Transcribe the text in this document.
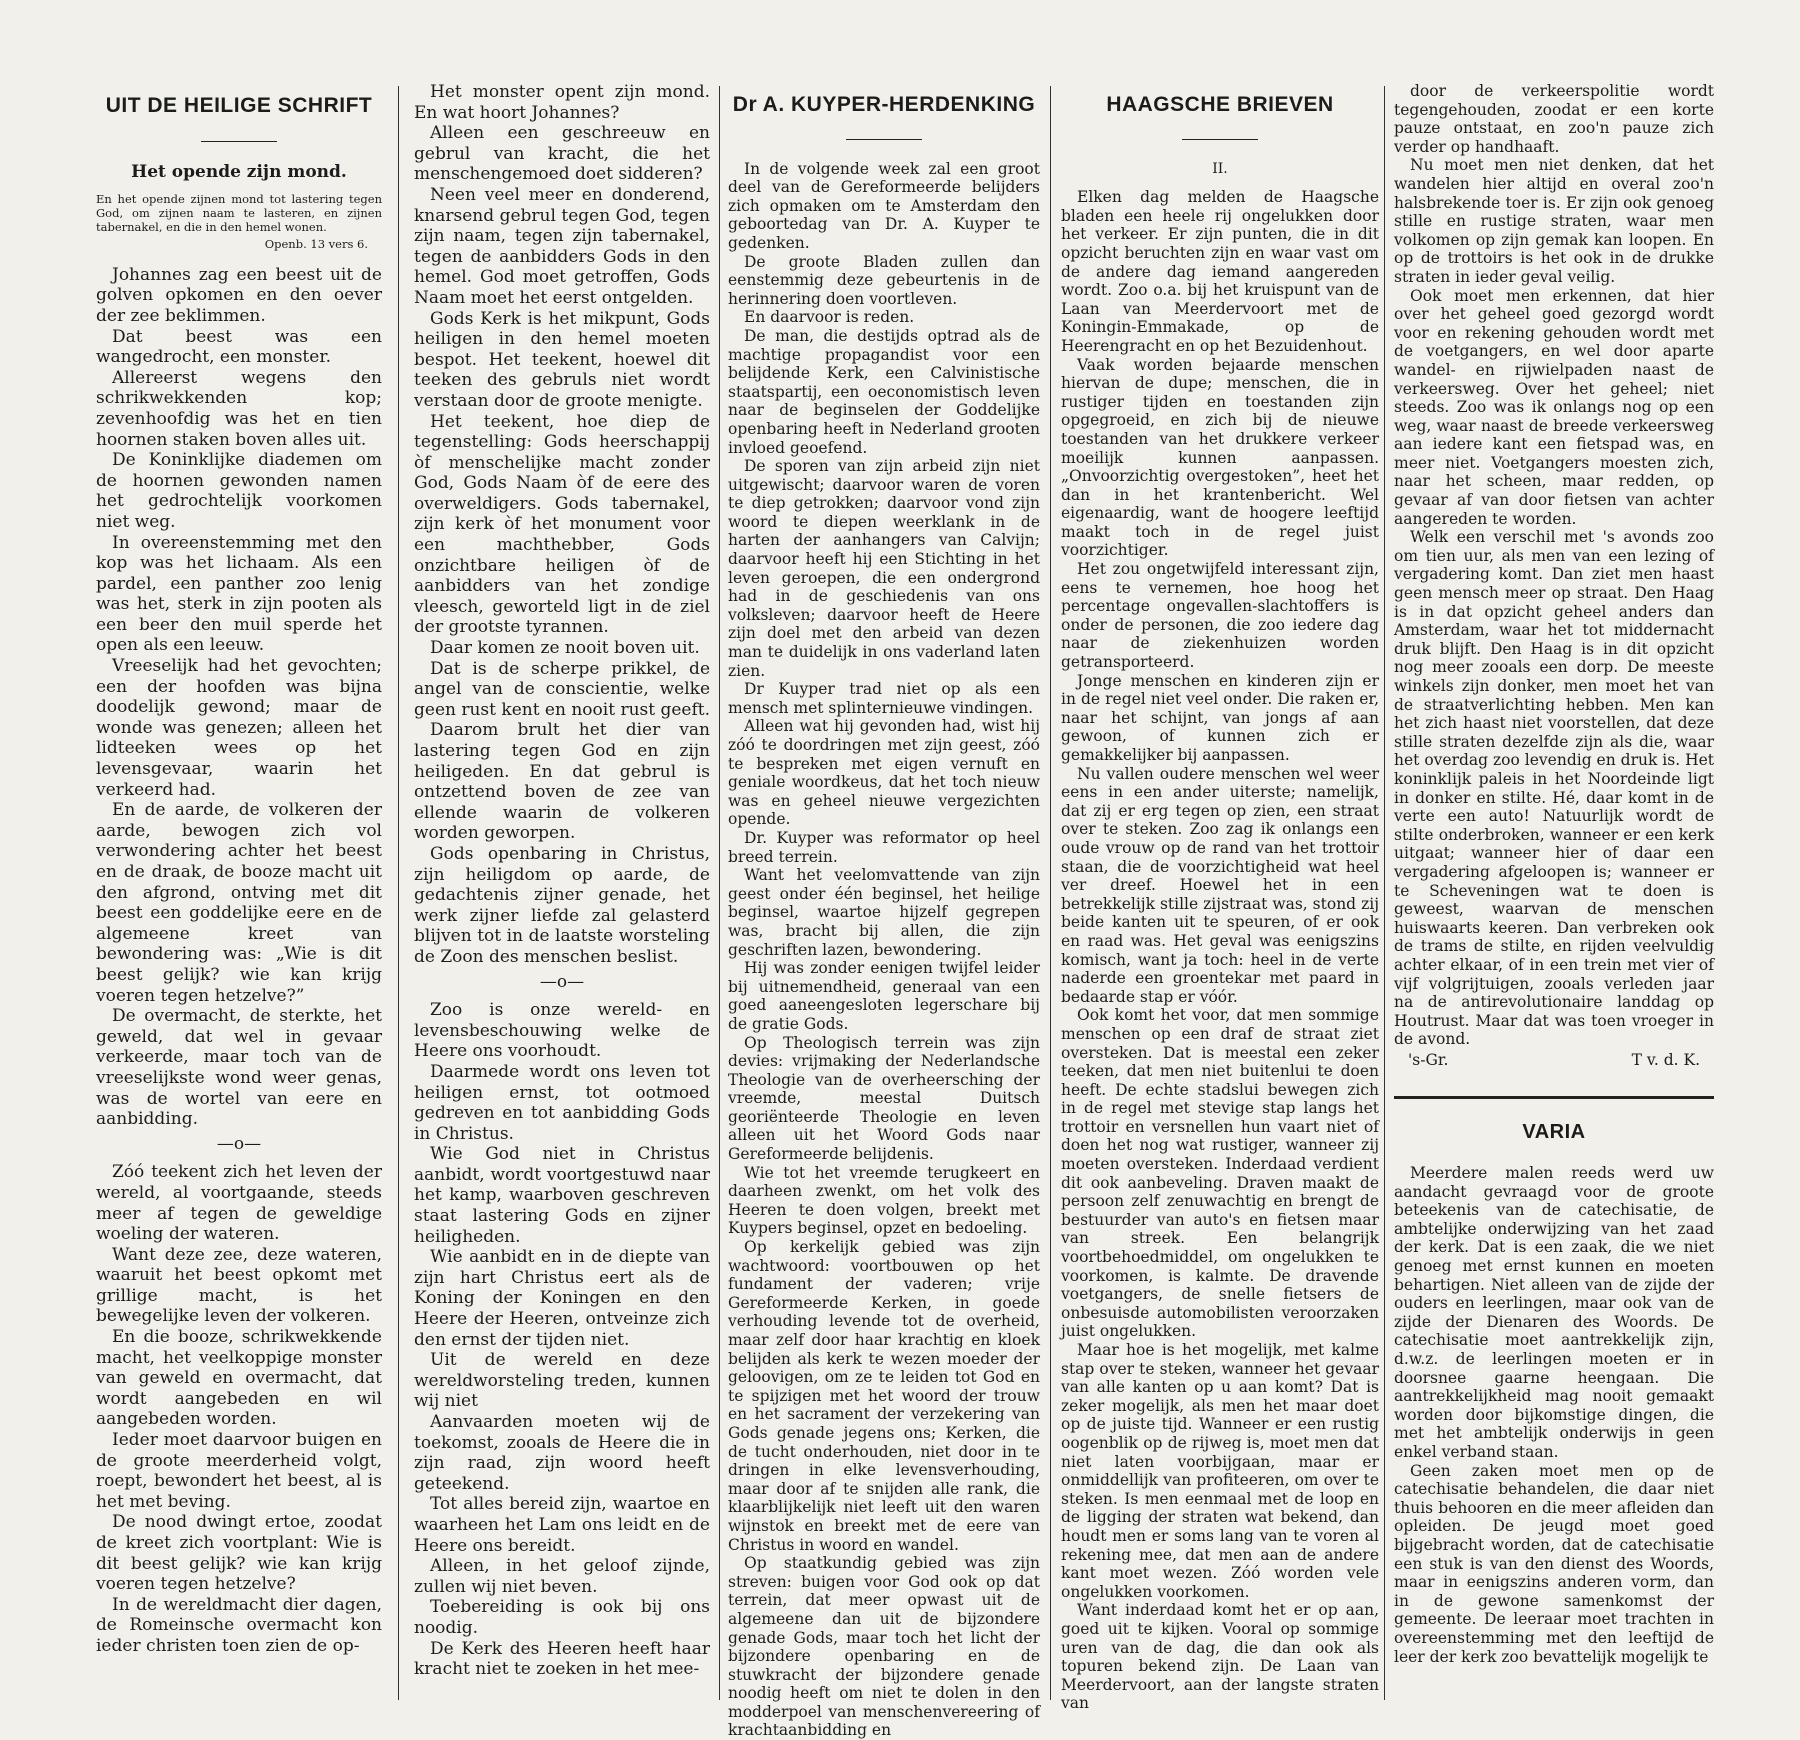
UIT DE HEILIGE SCHRIFT
Het opende zijn mond.

En het opende zijnen mond tot lastering tegen God, om zijnen naam te lasteren, en zijnen tabernakel, en die in den hemel wonen.

Openb. 13 vers 6.

Johannes zag een beest uit de golven opkomen en den oever der zee beklimmen.

Dat beest was een wangedrocht, een monster.

Allereerst wegens den schrikwekkenden kop; zevenhoofdig was het en tien hoornen staken boven alles uit.

De Koninklijke diademen om de hoornen gewonden namen het gedrochtelijk voorkomen niet weg.

In overeenstemming met den kop was het lichaam. Als een pardel, een panther zoo lenig was het, sterk in zijn pooten als een beer den muil sperde het open als een leeuw.

Vreeselijk had het gevochten; een der hoofden was bijna doodelijk gewond; maar de wonde was genezen; alleen het lidteeken wees op het levensgevaar, waarin het verkeerd had.

En de aarde, de volkeren der aarde, bewogen zich vol verwondering achter het beest en de draak, de booze macht uit den afgrond, ontving met dit beest een goddelijke eere en de algemeene kreet van bewondering was: „Wie is dit beest gelijk? wie kan krijg voeren tegen hetzelve?”

De overmacht, de sterkte, het geweld, dat wel in gevaar verkeerde, maar toch van de vreeselijkste wond weer genas, was de wortel van eere en aanbidding.

—o—

Zóó teekent zich het leven der wereld, al voortgaande, steeds meer af tegen de geweldige woeling der wateren.

Want deze zee, deze wateren, waaruit het beest opkomt met grillige macht, is het bewegelijke leven der volkeren.

En die booze, schrikwekkende macht, het veelkoppige monster van geweld en overmacht, dat wordt aangebeden en wil aangebeden worden.

Ieder moet daarvoor buigen en de groote meerderheid volgt, roept, bewondert het beest, al is het met beving.

De nood dwingt ertoe, zoodat de kreet zich voortplant: Wie is dit beest gelijk? wie kan krijg voeren tegen hetzelve?

In de wereldmacht dier dagen, de Romeinsche overmacht kon ieder christen toen zien de op-

Het monster opent zijn mond. En wat hoort Johannes?

Alleen een geschreeuw en gebrul van kracht, die het menschengemoed doet sidderen?

Neen veel meer en donderend, knarsend gebrul tegen God, tegen zijn naam, tegen zijn tabernakel, tegen de aanbidders Gods in den hemel. God moet getroffen, Gods Naam moet het eerst ontgelden.

Gods Kerk is het mikpunt, Gods heiligen in den hemel moeten bespot. Het teekent, hoewel dit teeken des gebruls niet wordt verstaan door de groote menigte.

Het teekent, hoe diep de tegenstelling: Gods heerschappij òf menschelijke macht zonder God, Gods Naam òf de eere des overweldigers. Gods tabernakel, zijn kerk òf het monument voor een machthebber, Gods onzichtbare heiligen òf de aanbidders van het zondige vleesch, geworteld ligt in de ziel der grootste tyrannen.

Daar komen ze nooit boven uit.

Dat is de scherpe prikkel, de angel van de conscientie, welke geen rust kent en nooit rust geeft.

Daarom brult het dier van lastering tegen God en zijn heiligeden. En dat gebrul is ontzettend boven de zee van ellende waarin de volkeren worden geworpen.

Gods openbaring in Christus, zijn heiligdom op aarde, de gedachtenis zijner genade, het werk zijner liefde zal gelasterd blijven tot in de laatste worsteling de Zoon des menschen beslist.

—o—

Zoo is onze wereld- en levensbeschouwing welke de Heere ons voorhoudt.

Daarmede wordt ons leven tot heiligen ernst, tot ootmoed gedreven en tot aanbidding Gods in Christus.

Wie God niet in Christus aanbidt, wordt voortgestuwd naar het kamp, waarboven geschreven staat lastering Gods en zijner heiligheden.

Wie aanbidt en in de diepte van zijn hart Christus eert als de Koning der Koningen en den Heere der Heeren, ontveinze zich den ernst der tijden niet.

Uit de wereld en deze wereldworsteling treden, kunnen wij niet

Aanvaarden moeten wij de toekomst, zooals de Heere die in zijn raad, zijn woord heeft geteekend.

Tot alles bereid zijn, waartoe en waarheen het Lam ons leidt en de Heere ons bereidt.

Alleen, in het geloof zijnde, zullen wij niet beven.

Toebereiding is ook bij ons noodig.

De Kerk des Heeren heeft haar kracht niet te zoeken in het mee-

Dr A. KUYPER-HERDENKING

In de volgende week zal een groot deel van de Gereformeerde belijders zich opmaken om te Amsterdam den geboortedag van Dr. A. Kuyper te gedenken.

De groote Bladen zullen dan eenstemmig deze gebeurtenis in de herinnering doen voortleven.

En daarvoor is reden.

De man, die destijds optrad als de machtige propagandist voor een belijdende Kerk, een Calvinistische staatspartij, een oeconomistisch leven naar de beginselen der Goddelijke openbaring heeft in Nederland grooten invloed geoefend.

De sporen van zijn arbeid zijn niet uitgewischt; daarvoor waren de voren te diep getrokken; daarvoor vond zijn woord te diepen weerklank in de harten der aanhangers van Calvijn; daarvoor heeft hij een Stichting in het leven geroepen, die een ondergrond had in de geschiedenis van ons volksleven; daarvoor heeft de Heere zijn doel met den arbeid van dezen man te duidelijk in ons vaderland laten zien.

Dr Kuyper trad niet op als een mensch met splinternieuwe vindingen.

Alleen wat hij gevonden had, wist hij zóó te doordringen met zijn geest, zóó te bespreken met eigen vernuft en geniale woordkeus, dat het toch nieuw was en geheel nieuwe vergezichten opende.

Dr. Kuyper was reformator op heel breed terrein.

Want het veelomvattende van zijn geest onder één beginsel, het heilige beginsel, waartoe hijzelf gegrepen was, bracht bij allen, die zijn geschriften lazen, bewondering.

Hij was zonder eenigen twijfel leider bij uitnemendheid, generaal van een goed aaneengesloten legerschare bij de gratie Gods.

Op Theologisch terrein was zijn devies: vrijmaking der Nederlandsche Theologie van de overheersching der vreemde, meestal Duitsch georiënteerde Theologie en leven alleen uit het Woord Gods naar Gereformeerde belijdenis.

Wie tot het vreemde terugkeert en daarheen zwenkt, om het volk des Heeren te doen volgen, breekt met Kuypers beginsel, opzet en bedoeling.

Op kerkelijk gebied was zijn wachtwoord: voortbouwen op het fundament der vaderen; vrije Gereformeerde Kerken, in goede verhouding levende tot de overheid, maar zelf door haar krachtig en kloek belijden als kerk te wezen moeder der geloovigen, om ze te leiden tot God en te spijzigen met het woord der trouw en het sacrament der verzekering van Gods genade jegens ons; Kerken, die de tucht onderhouden, niet door in te dringen in elke levensverhouding, maar door af te snijden alle rank, die klaarblijkelijk niet leeft uit den waren wijnstok en breekt met de eere van Christus in woord en wandel.

Op staatkundig gebied was zijn streven: buigen voor God ook op dat terrein, dat meer opwast uit de algemeene dan uit de bijzondere genade Gods, maar toch het licht der bijzondere openbaring en de stuwkracht der bijzondere genade noodig heeft om niet te dolen in den modderpoel van menschenvereering of krachtaanbidding en

HAAGSCHE BRIEVEN
II.

Elken dag melden de Haagsche bladen een heele rij ongelukken door het verkeer. Er zijn punten, die in dit opzicht beruchten zijn en waar vast om de andere dag iemand aangereden wordt. Zoo o.a. bij het kruispunt van de Laan van Meerdervoort met de Koningin-Emmakade, op de Heerengracht en op het Bezuidenhout.

Vaak worden bejaarde menschen hiervan de dupe; menschen, die in rustiger tijden en toestanden zijn opgegroeid, en zich bij de nieuwe toestanden van het drukkere verkeer moeilijk kunnen aanpassen. „Onvoorzichtig overgestoken”, heet het dan in het krantenbericht. Wel eigenaardig, want de hoogere leeftijd maakt toch in de regel juist voorzichtiger.

Het zou ongetwijfeld interessant zijn, eens te vernemen, hoe hoog het percentage ongevallen-slachtoffers is onder de personen, die zoo iedere dag naar de ziekenhuizen worden getransporteerd.

Jonge menschen en kinderen zijn er in de regel niet veel onder. Die raken er, naar het schijnt, van jongs af aan gewoon, of kunnen zich er gemakkelijker bij aanpassen.

Nu vallen oudere menschen wel weer eens in een ander uiterste; namelijk, dat zij er erg tegen op zien, een straat over te steken. Zoo zag ik onlangs een oude vrouw op de rand van het trottoir staan, die de voorzichtigheid wat heel ver dreef. Hoewel het in een betrekkelijk stille zijstraat was, stond zij beide kanten uit te speuren, of er ook en raad was. Het geval was eenigszins komisch, want ja toch: heel in de verte naderde een groentekar met paard in bedaarde stap er vóór.

Ook komt het voor, dat men sommige menschen op een draf de straat ziet oversteken. Dat is meestal een zeker teeken, dat men niet buitenlui te doen heeft. De echte stadslui bewegen zich in de regel met stevige stap langs het trottoir en versnellen hun vaart niet of doen het nog wat rustiger, wanneer zij moeten oversteken. Inderdaad verdient dit ook aanbeveling. Draven maakt de persoon zelf zenuwachtig en brengt de bestuurder van auto's en fietsen maar van streek. Een belangrijk voortbehoedmiddel, om ongelukken te voorkomen, is kalmte. De dravende voetgangers, de snelle fietsers de onbesuisde automobilisten veroorzaken juist ongelukken.

Maar hoe is het mogelijk, met kalme stap over te steken, wanneer het gevaar van alle kanten op u aan komt? Dat is zeker mogelijk, als men het maar doet op de juiste tijd. Wanneer er een rustig oogenblik op de rijweg is, moet men dat niet laten voorbijgaan, maar er onmiddellijk van profiteeren, om over te steken. Is men eenmaal met de loop en de ligging der straten wat bekend, dan houdt men er soms lang van te voren al rekening mee, dat men aan de andere kant moet wezen. Zóó worden vele ongelukken voorkomen.

Want inderdaad komt het er op aan, goed uit te kijken. Vooral op sommige uren van de dag, die dan ook als topuren bekend zijn. De Laan van Meerdervoort, aan der langste straten van

door de verkeerspolitie wordt tegengehouden, zoodat er een korte pauze ontstaat, en zoo'n pauze zich verder op handhaaft.

Nu moet men niet denken, dat het wandelen hier altijd en overal zoo'n halsbrekende toer is. Er zijn ook genoeg stille en rustige straten, waar men volkomen op zijn gemak kan loopen. En op de trottoirs is het ook in de drukke straten in ieder geval veilig.

Ook moet men erkennen, dat hier over het geheel goed gezorgd wordt voor en rekening gehouden wordt met de voetgangers, en wel door aparte wandel- en rijwielpaden naast de verkeersweg. Over het geheel; niet steeds. Zoo was ik onlangs nog op een weg, waar naast de breede verkeersweg aan iedere kant een fietspad was, en meer niet. Voetgangers moesten zich, naar het scheen, maar redden, op gevaar af van door fietsen van achter aangereden te worden.

Welk een verschil met 's avonds zoo om tien uur, als men van een lezing of vergadering komt. Dan ziet men haast geen mensch meer op straat. Den Haag is in dat opzicht geheel anders dan Amsterdam, waar het tot middernacht druk blijft. Den Haag is in dit opzicht nog meer zooals een dorp. De meeste winkels zijn donker, men moet het van de straatverlichting hebben. Men kan het zich haast niet voorstellen, dat deze stille straten dezelfde zijn als die, waar het overdag zoo levendig en druk is. Het koninklijk paleis in het Noordeinde ligt in donker en stilte. Hé, daar komt in de verte een auto! Natuurlijk wordt de stilte onderbroken, wanneer er een kerk uitgaat; wanneer hier of daar een vergadering afgeloopen is; wanneer er te Scheveningen wat te doen is geweest, waarvan de menschen huiswaarts keeren. Dan verbreken ook de trams de stilte, en rijden veelvuldig achter elkaar, of in een trein met vier of vijf volgrijtuigen, zooals verleden jaar na de antirevolutionaire landdag op Houtrust. Maar dat was toen vroeger in de avond.

's-Gr.	T v. d. K.
VARIA

Meerdere malen reeds werd uw aandacht gevraagd voor de groote beteekenis van de catechisatie, de ambtelijke onderwijzing van het zaad der kerk. Dat is een zaak, die we niet genoeg met ernst kunnen en moeten behartigen. Niet alleen van de zijde der ouders en leerlingen, maar ook van de zijde der Dienaren des Woords. De catechisatie moet aantrekkelijk zijn, d.w.z. de leerlingen moeten er in doorsnee gaarne heengaan. Die aantrekkelijkheid mag nooit gemaakt worden door bijkomstige dingen, die met het ambtelijk onderwijs in geen enkel verband staan.

Geen zaken moet men op de catechisatie behandelen, die daar niet thuis behooren en die meer afleiden dan opleiden. De jeugd moet goed bijgebracht worden, dat de catechisatie een stuk is van den dienst des Woords, maar in eenigszins anderen vorm, dan in de gewone samenkomst der gemeente. De leeraar moet trachten in overeenstemming met den leeftijd de leer der kerk zoo bevattelijk mogelijk te
